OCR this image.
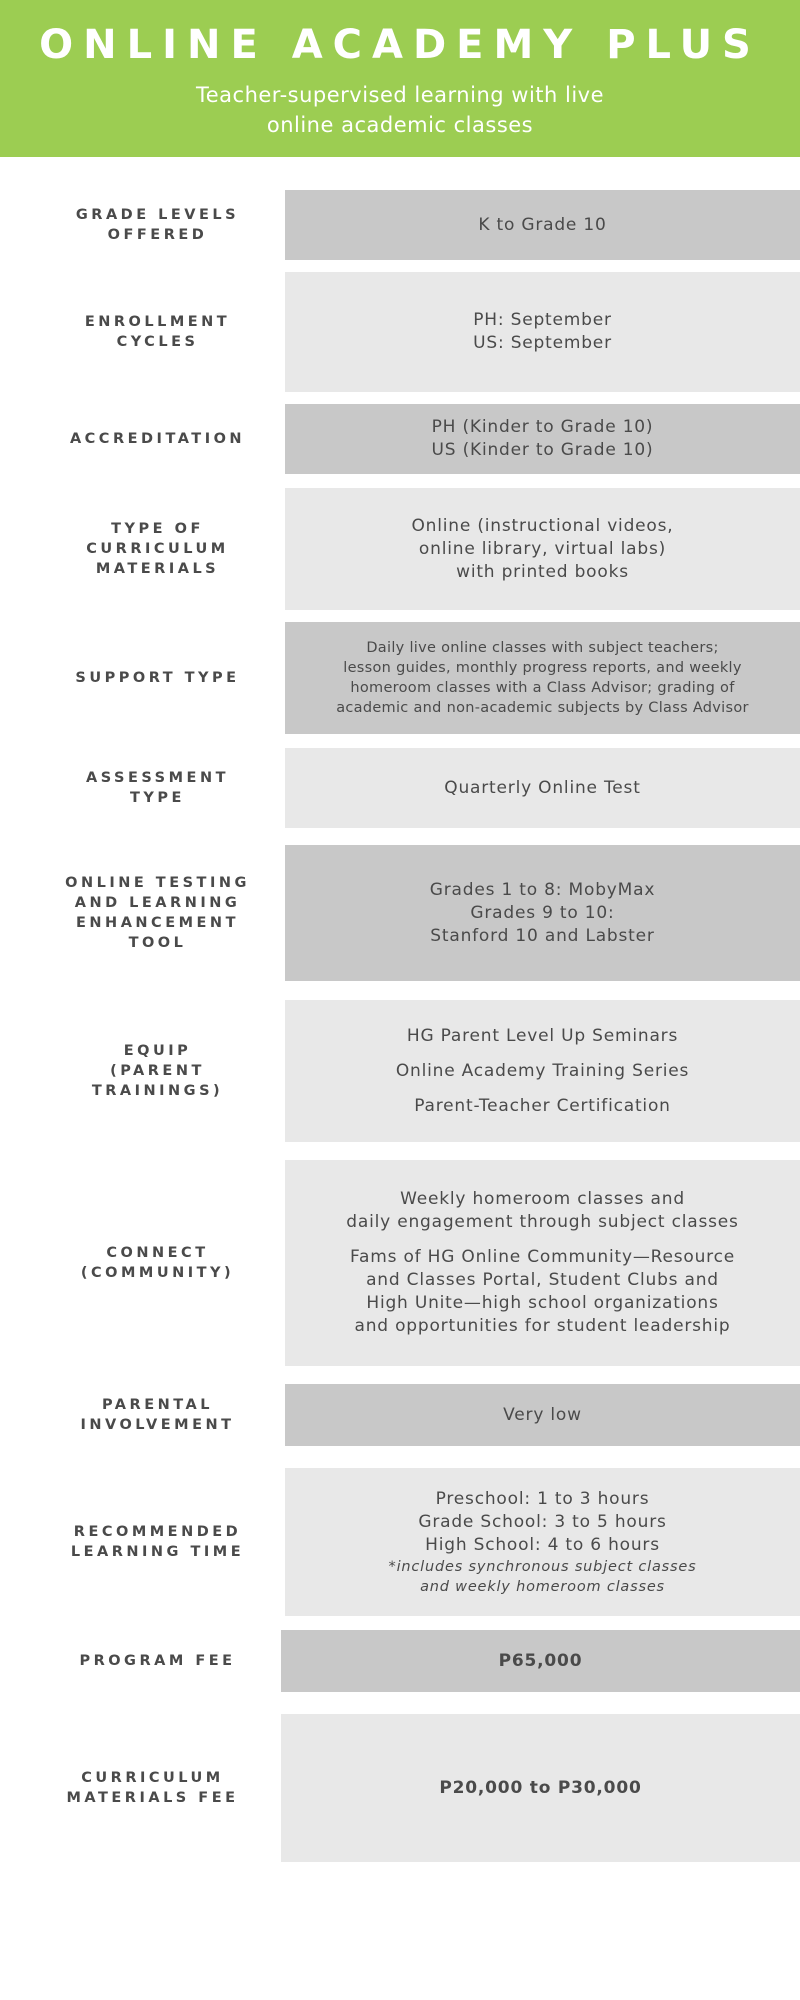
ONLINE ACADEMY PLUS
Teacher-supervised learning with live
online academic classes
GRADE LEVELS
OFFERED
K to Grade 10
ENROLLMENT
CYCLES
PH: September
US: September
ACCREDITATION
PH (Kinder to Grade 10)
US (Kinder to Grade 10)
TYPE OF
CURRICULUM
MATERIALS
Online (instructional videos,
online library, virtual labs)
with printed books
SUPPORT TYPE
Daily live online classes with subject teachers;
lesson guides, monthly progress reports, and weekly
homeroom classes with a Class Advisor; grading of
academic and non-academic subjects by Class Advisor
ASSESSMENT
TYPE
Quarterly Online Test
ONLINE TESTING
AND LEARNING
ENHANCEMENT
TOOL
Grades 1 to 8: MobyMax
Grades 9 to 10:
Stanford 10 and Labster
EQUIP
(PARENT
TRAININGS)
HG Parent Level Up Seminars
Online Academy Training Series
Parent-Teacher Certification
CONNECT
(COMMUNITY)
Weekly homeroom classes and
daily engagement through subject classes
Fams of HG Online Community—Resource
and Classes Portal, Student Clubs and
High Unite—high school organizations
and opportunities for student leadership
PARENTAL
INVOLVEMENT
Very low
RECOMMENDED
LEARNING TIME
Preschool: 1 to 3 hours
Grade School: 3 to 5 hours
High School: 4 to 6 hours
*includes synchronous subject classes
and weekly homeroom classes
PROGRAM FEE	P65,000
CURRICULUM
MATERIALS FEE
P20,000 to P30,000
